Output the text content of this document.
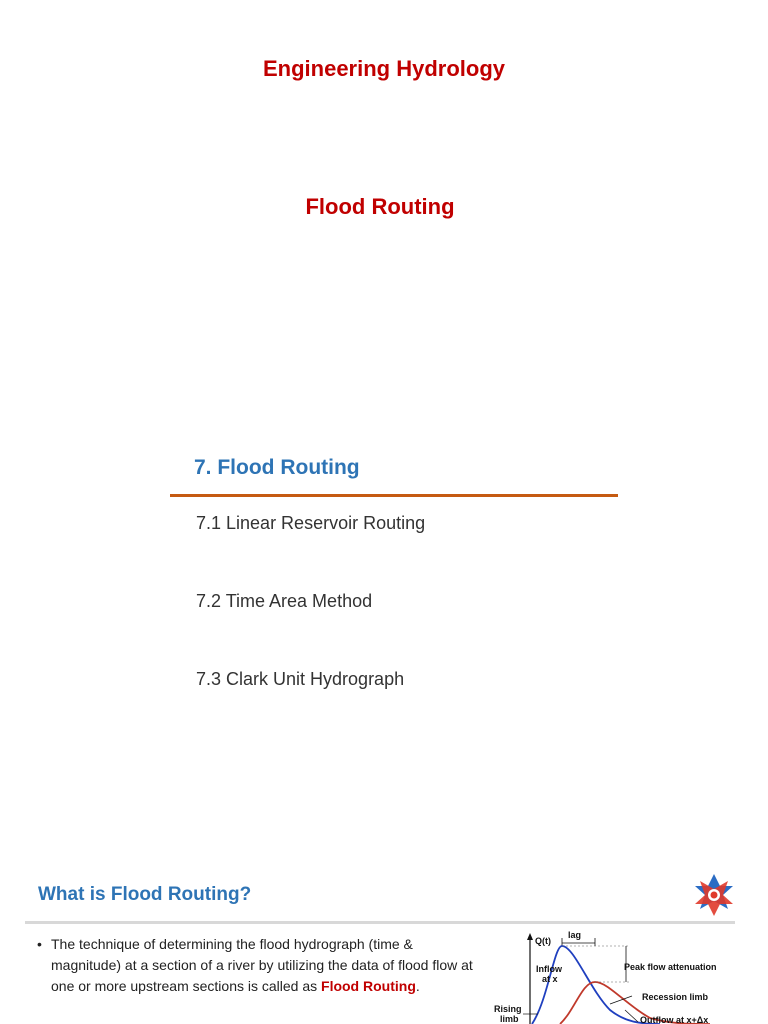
Engineering Hydrology
Flood Routing
7. Flood Routing
7.1 Linear Reservoir Routing
7.2 Time Area Method
7.3 Clark Unit Hydrograph
What is Flood Routing?
• The technique of determining the flood hydrograph (time & magnitude) at a section of a river by utilizing the data of flood flow at one or more upstream sections is called as Flood Routing.
Q(t)
lag
Inflow
at x
Peak flow attenuation
Recession limb
Outflow at x+Δx
Rising
limb
